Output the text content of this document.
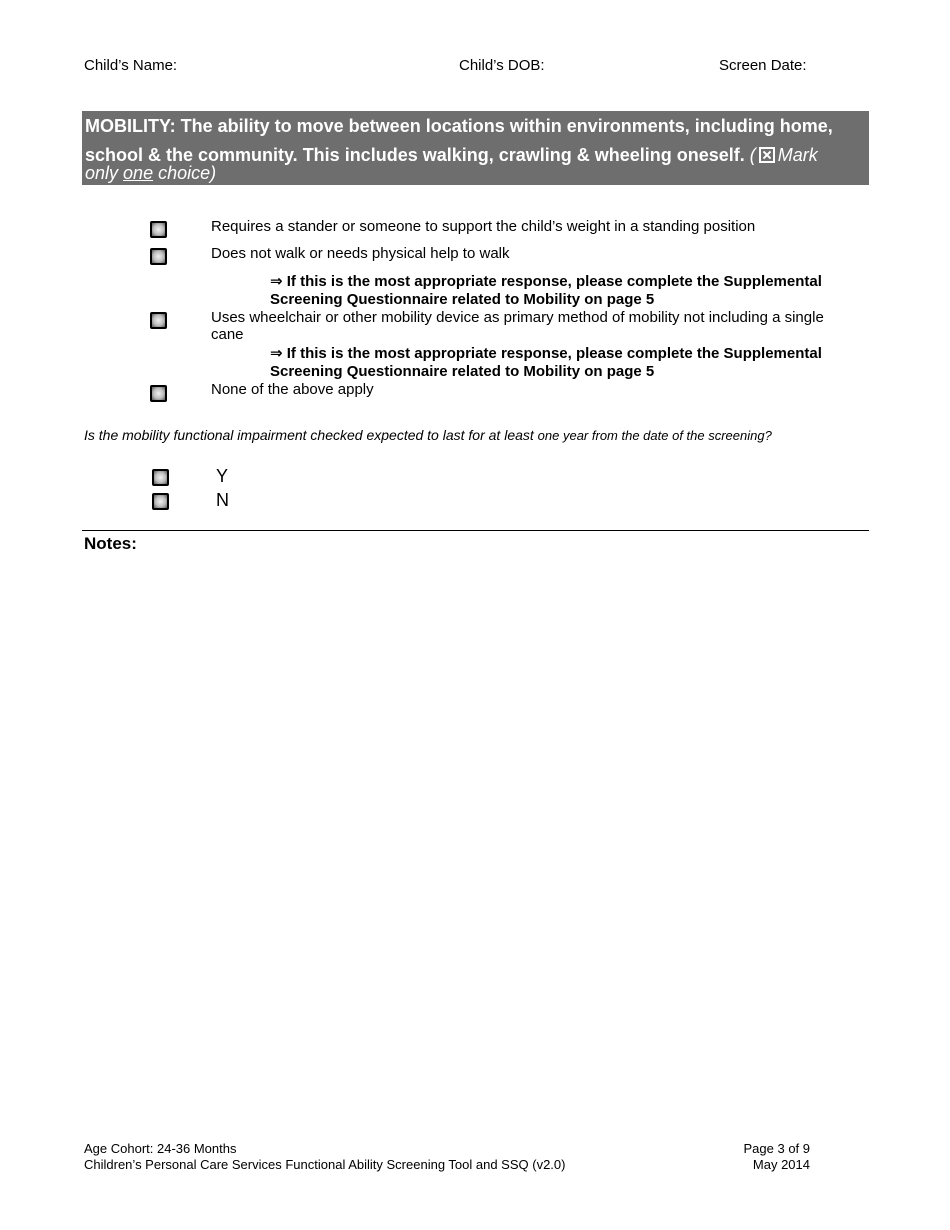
Child’s Name:	Child’s DOB:	Screen Date:
MOBILITY: The ability to move between locations within environments, including home,
school & the community. This includes walking, crawling & wheeling oneself. ( Mark
only one choice)
Requires a stander or someone to support the child’s weight in a standing position
Does not walk or needs physical help to walk
⇒ If this is the most appropriate response, please complete the Supplemental
Screening Questionnaire related to Mobility on page 5
Uses wheelchair or other mobility device as primary method of mobility not including a single
cane
⇒ If this is the most appropriate response, please complete the Supplemental
Screening Questionnaire related to Mobility on page 5
None of the above apply
Is the mobility functional impairment checked expected to last for at least one year from the date of the screening?
Y
N
Notes:
Age Cohort: 24-36 Months
Children’s Personal Care Services Functional Ability Screening Tool and SSQ (v2.0)
Page 3 of 9
May 2014
